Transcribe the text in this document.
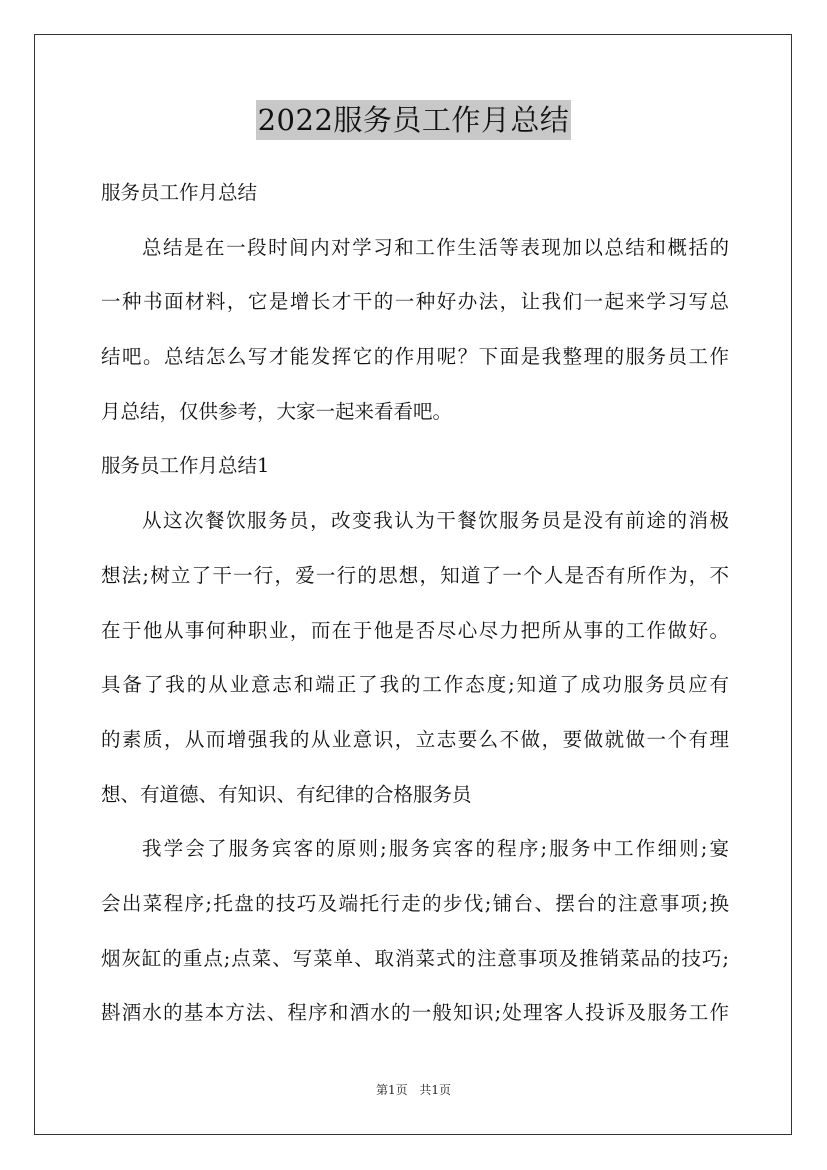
2022服务员工作月总结
服务员工作月总结
总结是在一段时间内对学习和工作生活等表现加以总结和概括的
一种书面材料，它是增长才干的一种好办法，让我们一起来学习写总
结吧。总结怎么写才能发挥它的作用呢？下面是我整理的服务员工作
月总结，仅供参考，大家一起来看看吧。
服务员工作月总结1
从这次餐饮服务员，改变我认为干餐饮服务员是没有前途的消极
想法;树立了干一行，爱一行的思想，知道了一个人是否有所作为，不
在于他从事何种职业，而在于他是否尽心尽力把所从事的工作做好。
具备了我的从业意志和端正了我的工作态度;知道了成功服务员应有
的素质，从而增强我的从业意识，立志要么不做，要做就做一个有理
想、有道德、有知识、有纪律的合格服务员
我学会了服务宾客的原则;服务宾客的程序;服务中工作细则;宴
会出菜程序;托盘的技巧及端托行走的步伐;铺台、摆台的注意事项;换
烟灰缸的重点;点菜、写菜单、取消菜式的注意事项及推销菜品的技巧;
斟酒水的基本方法、程序和酒水的一般知识;处理客人投诉及服务工作
第1页 共1页
